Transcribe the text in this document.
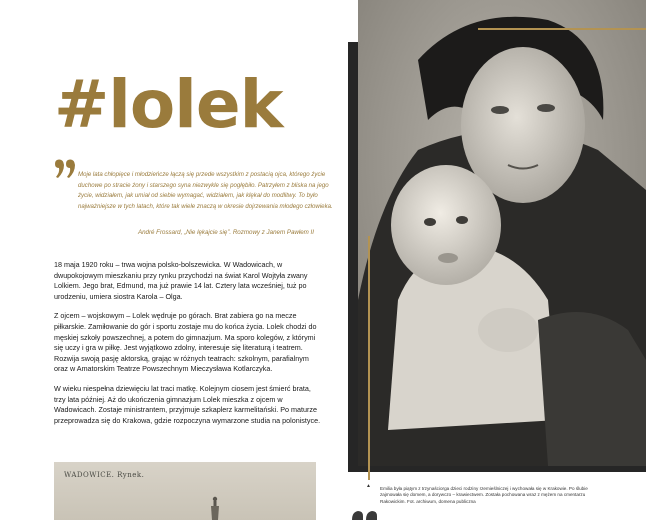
#lolek
Moje lata chłopięce i młodzieńcze łączą się przede wszystkim z postacią ojca, którego życie duchowe po stracie żony i starszego syna niezwykle się pogłębiło. Patrzyłem z bliska na jego życie, widziałem, jak umiał od siebie wymagać, widziałem, jak klękał do modlitwy. To było najważniejsze w tych latach, które tak wiele znaczą w okresie dojrzewania młodego człowieka.
André Frossard, „Nie lękajcie się”. Rozmowy z Janem Pawłem II

18 maja 1920 roku – trwa wojna polsko-bolszewicka. W Wadowicach, w dwupokojowym mieszkaniu przy rynku przychodzi na świat Karol Wojtyła zwany Lolkiem. Jego brat, Edmund, ma już prawie 14 lat. Cztery lata wcześniej, tuż po urodzeniu, umiera siostra Karola – Olga.

Z ojcem – wojskowym – Lolek wędruje po górach. Brat zabiera go na mecze piłkarskie. Zamiłowanie do gór i sportu zostaje mu do końca życia. Lolek chodzi do męskiej szkoły powszechnej, a potem do gimnazjum. Ma sporo kolegów, z którymi się uczy i gra w piłkę. Jest wyjątkowo zdolny, interesuje się literaturą i teatrem. Rozwija swoją pasję aktorską, grając w różnych teatrach: szkolnym, parafialnym oraz w Amatorskim Teatrze Powszechnym Mieczysława Kotlarczyka.

W wieku niespełna dziewięciu lat traci matkę. Kolejnym ciosem jest śmierć brata, trzy lata później. Aż do ukończenia gimnazjum Lolek mieszka z ojcem w Wadowicach. Zostaje ministrantem, przyjmuje szkaplerz karmelitański. Po maturze przeprowadza się do Krakowa, gdzie rozpoczyna wymarzone studia na polonistyce.

WADOWICE. Rynek.
▲ Emilia była piątym z trzynaściorga dzieci rodziny rzemieślniczej i wychowała się w Krakowie. Po ślubie zajmowała się domem, a dorywczo – krawiectwem. Została pochowana wraz z mężem na cmentarzu Rakowickim. Fot. archiwum, domena publiczna
